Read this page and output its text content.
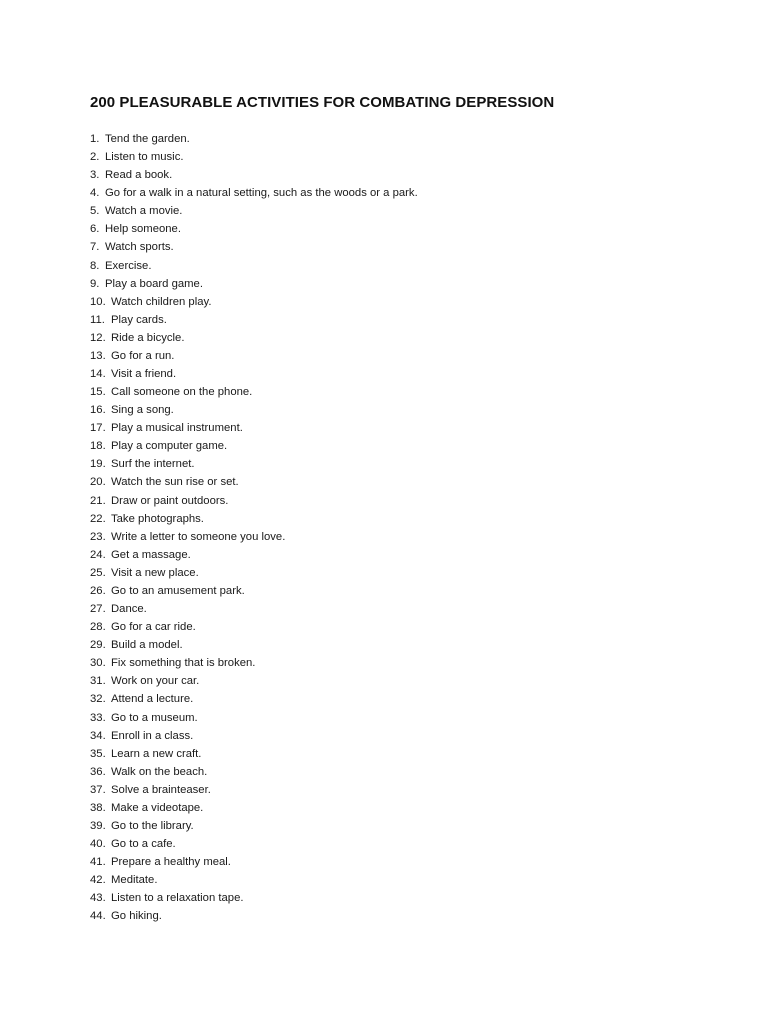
200 PLEASURABLE ACTIVITIES FOR COMBATING DEPRESSION
1. Tend the garden.
2. Listen to music.
3. Read a book.
4. Go for a walk in a natural setting, such as the woods or a park.
5. Watch a movie.
6. Help someone.
7. Watch sports.
8. Exercise.
9. Play a board game.
10. Watch children play.
11. Play cards.
12. Ride a bicycle.
13. Go for a run.
14. Visit a friend.
15. Call someone on the phone.
16. Sing a song.
17. Play a musical instrument.
18. Play a computer game.
19. Surf the internet.
20. Watch the sun rise or set.
21. Draw or paint outdoors.
22. Take photographs.
23. Write a letter to someone you love.
24. Get a massage.
25. Visit a new place.
26. Go to an amusement park.
27. Dance.
28. Go for a car ride.
29. Build a model.
30. Fix something that is broken.
31. Work on your car.
32. Attend a lecture.
33. Go to a museum.
34. Enroll in a class.
35. Learn a new craft.
36. Walk on the beach.
37. Solve a brainteaser.
38. Make a videotape.
39. Go to the library.
40. Go to a cafe.
41. Prepare a healthy meal.
42. Meditate.
43. Listen to a relaxation tape.
44. Go hiking.
